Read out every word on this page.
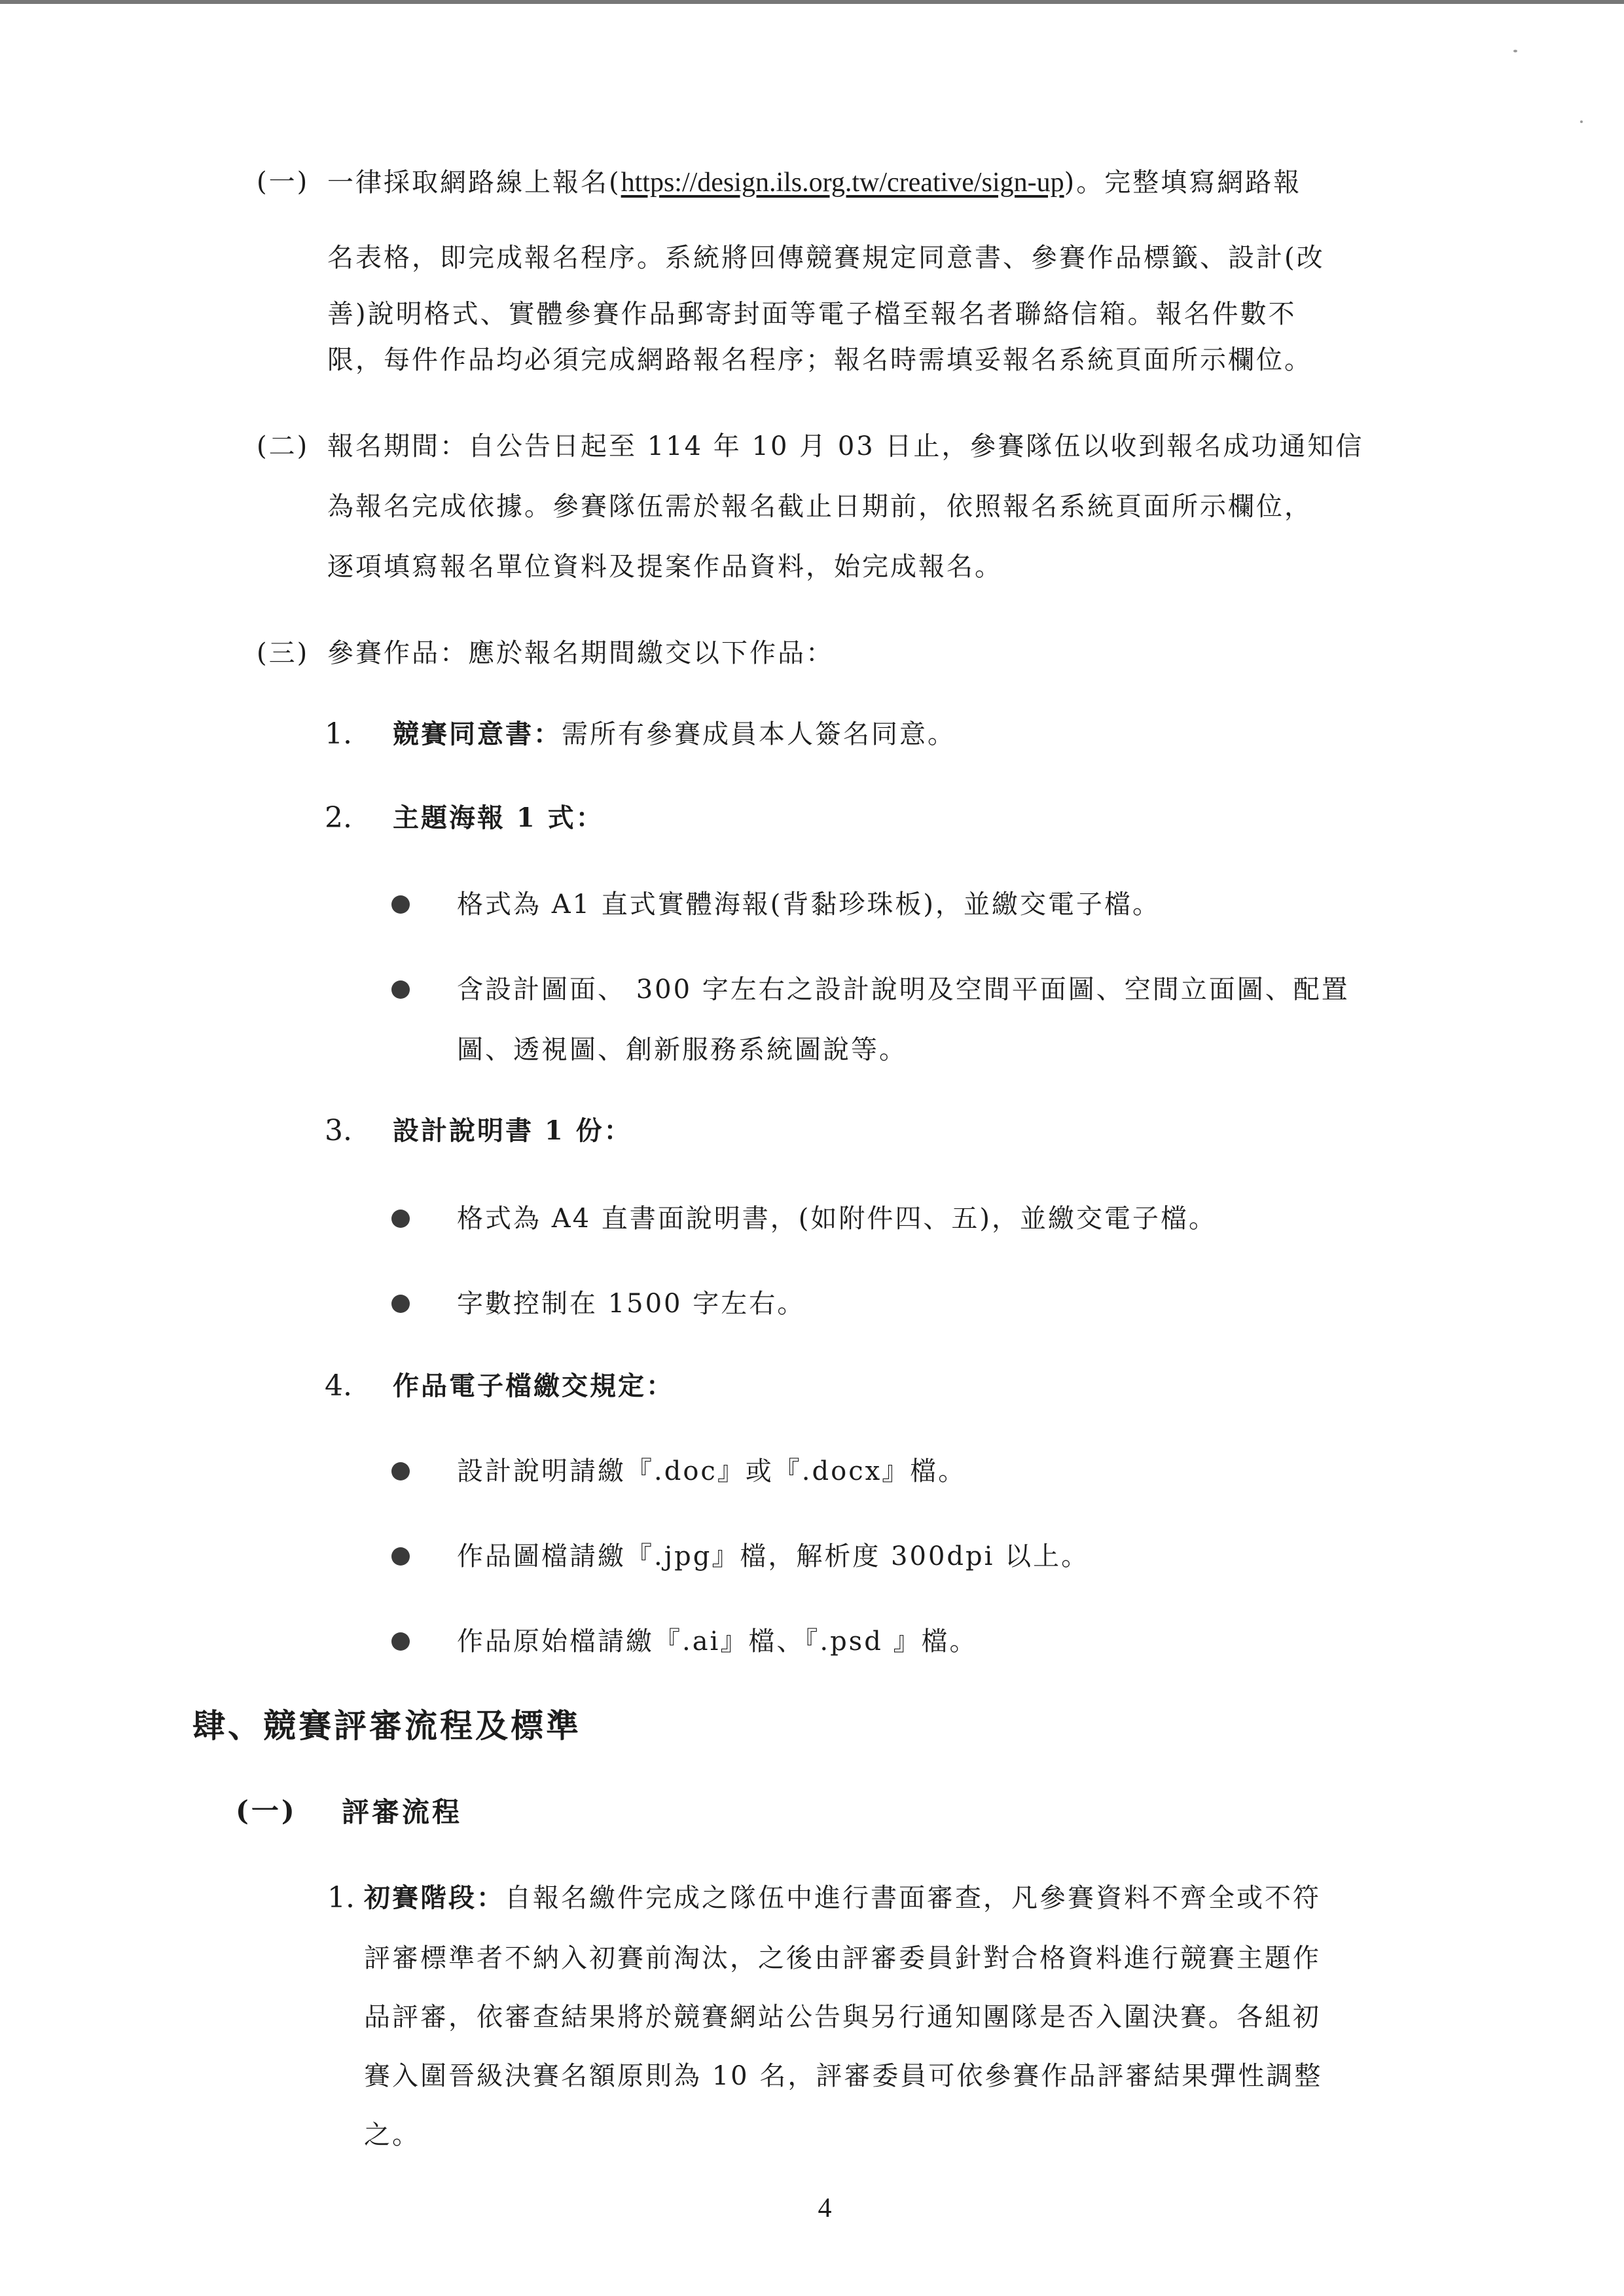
(一) 一律採取網路線上報名(https://design.ils.org.tw/creative/sign-up)。完整填寫網路報
名表格，即完成報名程序。系統將回傳競賽規定同意書、參賽作品標籤、設計(改
善)說明格式、實體參賽作品郵寄封面等電子檔至報名者聯絡信箱。報名件數不
限，每件作品均必須完成網路報名程序；報名時需填妥報名系統頁面所示欄位。
(二) 報名期間：自公告日起至 114 年 10 月 03 日止，參賽隊伍以收到報名成功通知信
為報名完成依據。參賽隊伍需於報名截止日期前，依照報名系統頁面所示欄位，
逐項填寫報名單位資料及提案作品資料，始完成報名。
(三) 參賽作品：應於報名期間繳交以下作品：
1. 競賽同意書：需所有參賽成員本人簽名同意。
2. 主題海報 1 式：
格式為 A1 直式實體海報(背黏珍珠板)，並繳交電子檔。
含設計圖面、 300 字左右之設計說明及空間平面圖、空間立面圖、配置
圖、透視圖、創新服務系統圖說等。
3. 設計說明書 1 份：
格式為 A4 直書面說明書，(如附件四、五)，並繳交電子檔。
字數控制在 1500 字左右。
4. 作品電子檔繳交規定：
設計說明請繳『.doc』或『.docx』檔。
作品圖檔請繳『.jpg』檔，解析度 300dpi 以上。
作品原始檔請繳『.ai』檔、『.psd 』檔。
肆、競賽評審流程及標準
(一) 評審流程
1. 初賽階段：自報名繳件完成之隊伍中進行書面審查，凡參賽資料不齊全或不符
評審標準者不納入初賽前淘汰，之後由評審委員針對合格資料進行競賽主題作
品評審，依審查結果將於競賽網站公告與另行通知團隊是否入圍決賽。各組初
賽入圍晉級決賽名額原則為 10 名，評審委員可依參賽作品評審結果彈性調整
之。
4
